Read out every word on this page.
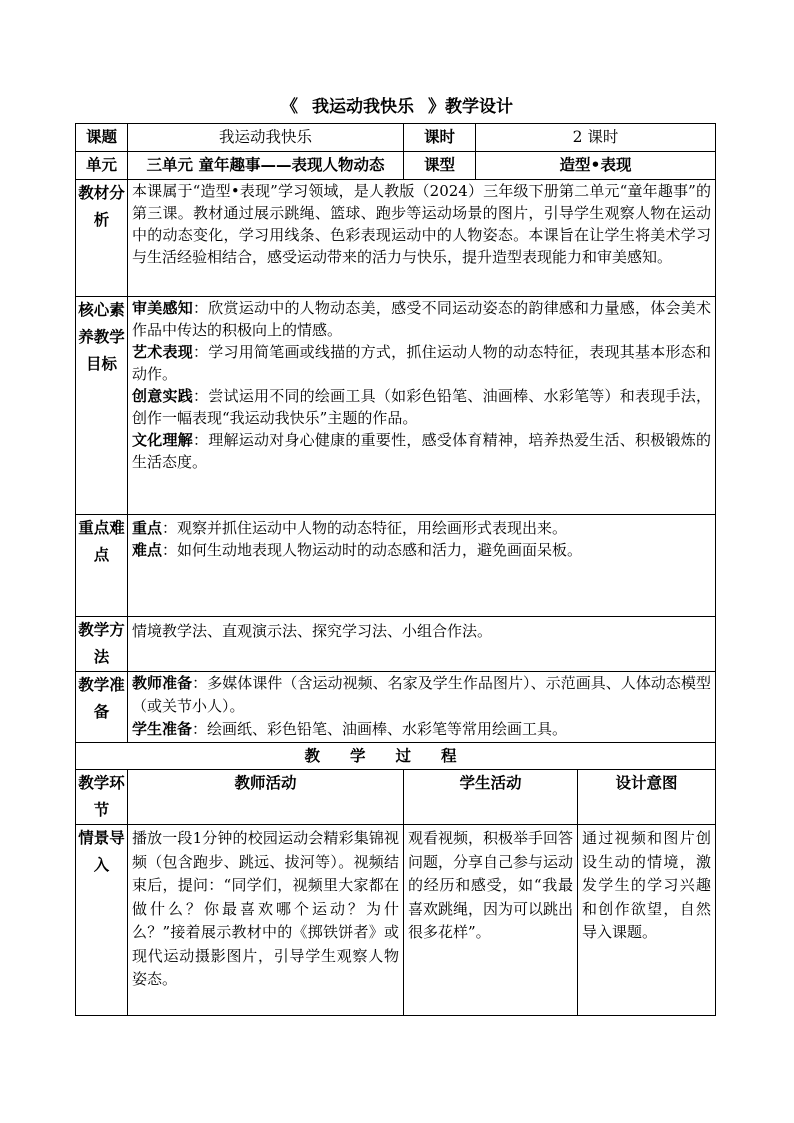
《 我运动我快乐 》教学设计
课题	我运动我快乐	课时	2 课时	
单元	三单元 童年趣事——表现人物动态	课型	造型•表现	
教材分析	本课属于“造型•表现”学习领域，是人教版（2024）三年级下册第二单元“童年趣事”的第三课。教材通过展示跳绳、篮球、跑步等运动场景的图片，引导学生观察人物在运动中的动态变化，学习用线条、色彩表现运动中的人物姿态。本课旨在让学生将美术学习与生活经验相结合，感受运动带来的活力与快乐，提升造型表现能力和审美感知。			
核心素养教学目标	审美感知：欣赏运动中的人物动态美，感受不同运动姿态的韵律感和力量感，体会美术作品中传达的积极向上的情感。
艺术表现：学习用简笔画或线描的方式，抓住运动人物的动态特征，表现其基本形态和动作。
创意实践：尝试运用不同的绘画工具（如彩色铅笔、油画棒、水彩笔等）和表现手法，创作一幅表现“我运动我快乐”主题的作品。
文化理解：理解运动对身心健康的重要性，感受体育精神，培养热爱生活、积极锻炼的生活态度。			

重点难点	重点：观察并抓住运动中人物的动态特征，用绘画形式表现出来。
难点：如何生动地表现人物运动时的动态感和活力，避免画面呆板。			

教学方法	情境教学法、直观演示法、探究学习法、小组合作法。			
教学准备	教师准备：多媒体课件（含运动视频、名家及学生作品图片）、示范画具、人体动态模型（或关节小人）。
学生准备：绘画纸、彩色铅笔、油画棒、水彩笔等常用绘画工具。			

教学过程				
教学环节	教师活动	学生活动		设计意图
情景导入	播放一段1分钟的校园运动会精彩集锦视频（包含跑步、跳远、拔河等）。视频结束后，提问：“同学们，视频里大家都在做什么？你最喜欢哪个运动？为什么？”接着展示教材中的《掷铁饼者》或现代运动摄影图片，引导学生观察人物姿态。	观看视频，积极举手回答问题，分享自己参与运动的经历和感受，如“我最喜欢跳绳，因为可以跳出很多花样”。		通过视频和图片创设生动的情境，激发学生的学习兴趣和创作欲望，自然导入课题。
